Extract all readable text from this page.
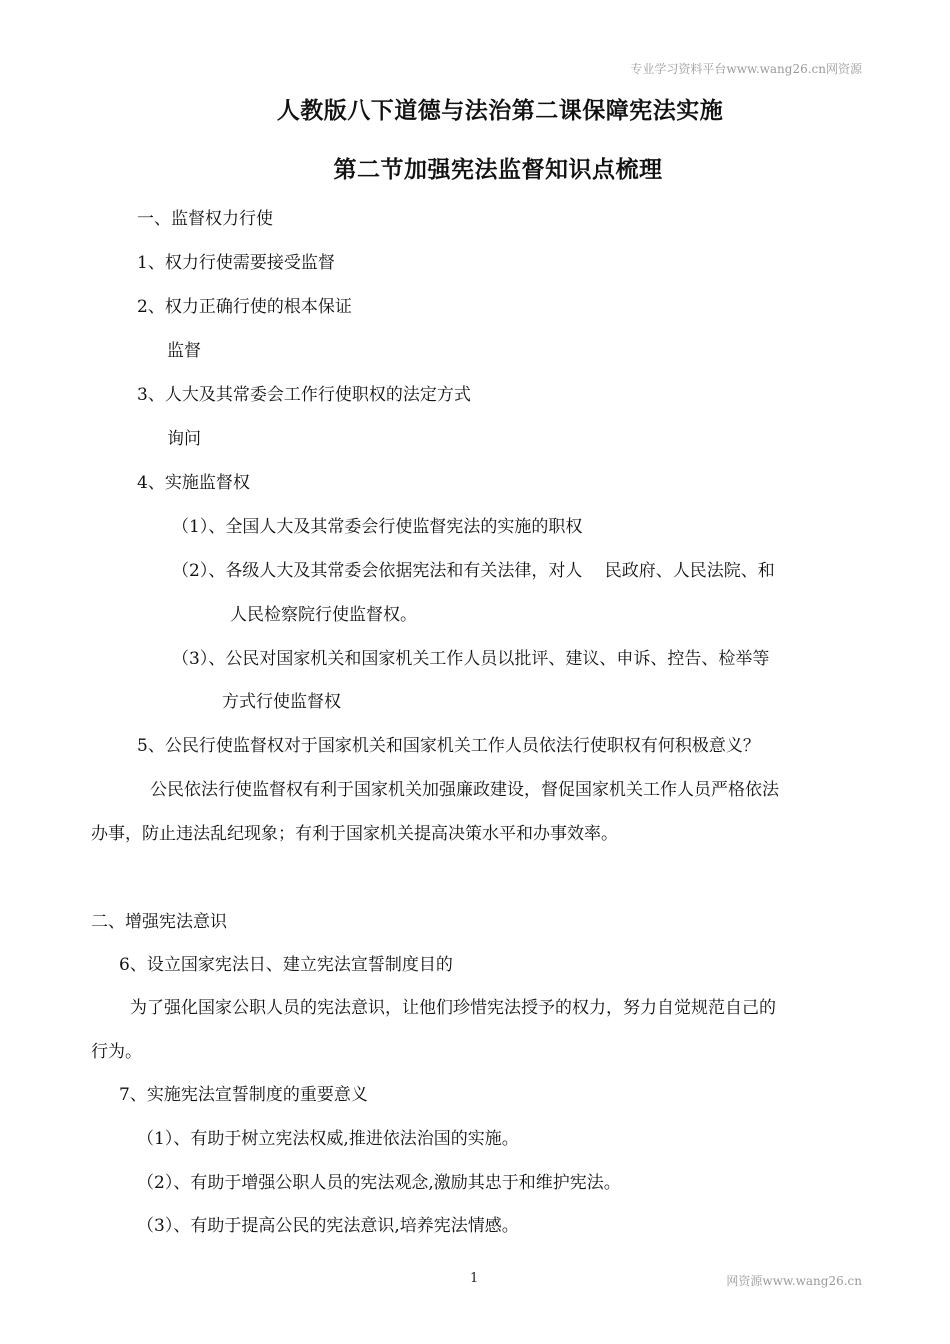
专业学习资料平台www.wang26.cn网资源
人教版八下道德与法治第二课保障宪法实施
第二节加强宪法监督知识点梳理
一、监督权力行使
1、权力行使需要接受监督
2、权力正确行使的根本保证
监督
3、人大及其常委会工作行使职权的法定方式
询问
4、实施监督权
（1）、全国人大及其常委会行使监督宪法的实施的职权
（2）、各级人大及其常委会依据宪法和有关法律，对人　 民政府、人民法院、和
人民检察院行使监督权。
（3）、公民对国家机关和国家机关工作人员以批评、建议、申诉、控告、检举等
方式行使监督权
5、公民行使监督权对于国家机关和国家机关工作人员依法行使职权有何积极意义？
公民依法行使监督权有利于国家机关加强廉政建设，督促国家机关工作人员严格依法
办事，防止违法乱纪现象；有利于国家机关提高决策水平和办事效率。
二、增强宪法意识
6、设立国家宪法日、建立宪法宣誓制度目的
为了强化国家公职人员的宪法意识，让他们珍惜宪法授予的权力，努力自觉规范自己的
行为。
7、实施宪法宣誓制度的重要意义
（1）、有助于树立宪法权威,推进依法治国的实施。
（2）、有助于增强公职人员的宪法观念,激励其忠于和维护宪法。
（3）、有助于提高公民的宪法意识,培养宪法情感。
1	网资源www.wang26.cn
